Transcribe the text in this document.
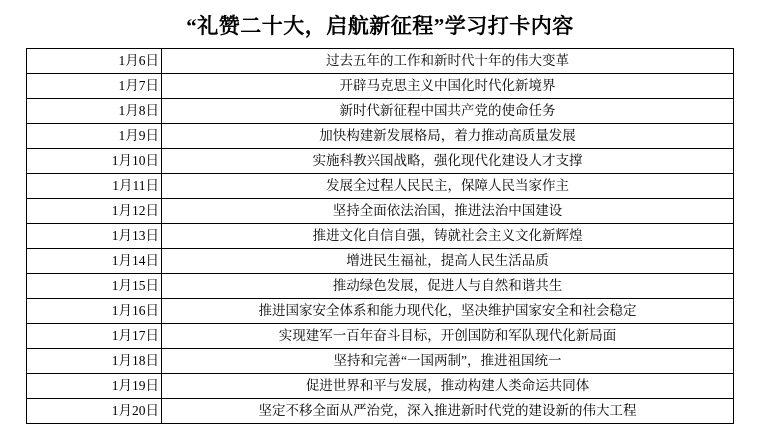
“礼赞二十大，启航新征程”学习打卡内容
1月6日	过去五年的工作和新时代十年的伟大变革
1月7日	开辟马克思主义中国化时代化新境界
1月8日	新时代新征程中国共产党的使命任务
1月9日	加快构建新发展格局，着力推动高质量发展
1月10日	实施科教兴国战略，强化现代化建设人才支撑
1月11日	发展全过程人民民主，保障人民当家作主
1月12日	坚持全面依法治国，推进法治中国建设
1月13日	推进文化自信自强，铸就社会主义文化新辉煌
1月14日	增进民生福祉，提高人民生活品质
1月15日	推动绿色发展，促进人与自然和谐共生
1月16日	推进国家安全体系和能力现代化，坚决维护国家安全和社会稳定
1月17日	实现建军一百年奋斗目标，开创国防和军队现代化新局面
1月18日	坚持和完善“一国两制”，推进祖国统一
1月19日	促进世界和平与发展，推动构建人类命运共同体
1月20日	坚定不移全面从严治党，深入推进新时代党的建设新的伟大工程
